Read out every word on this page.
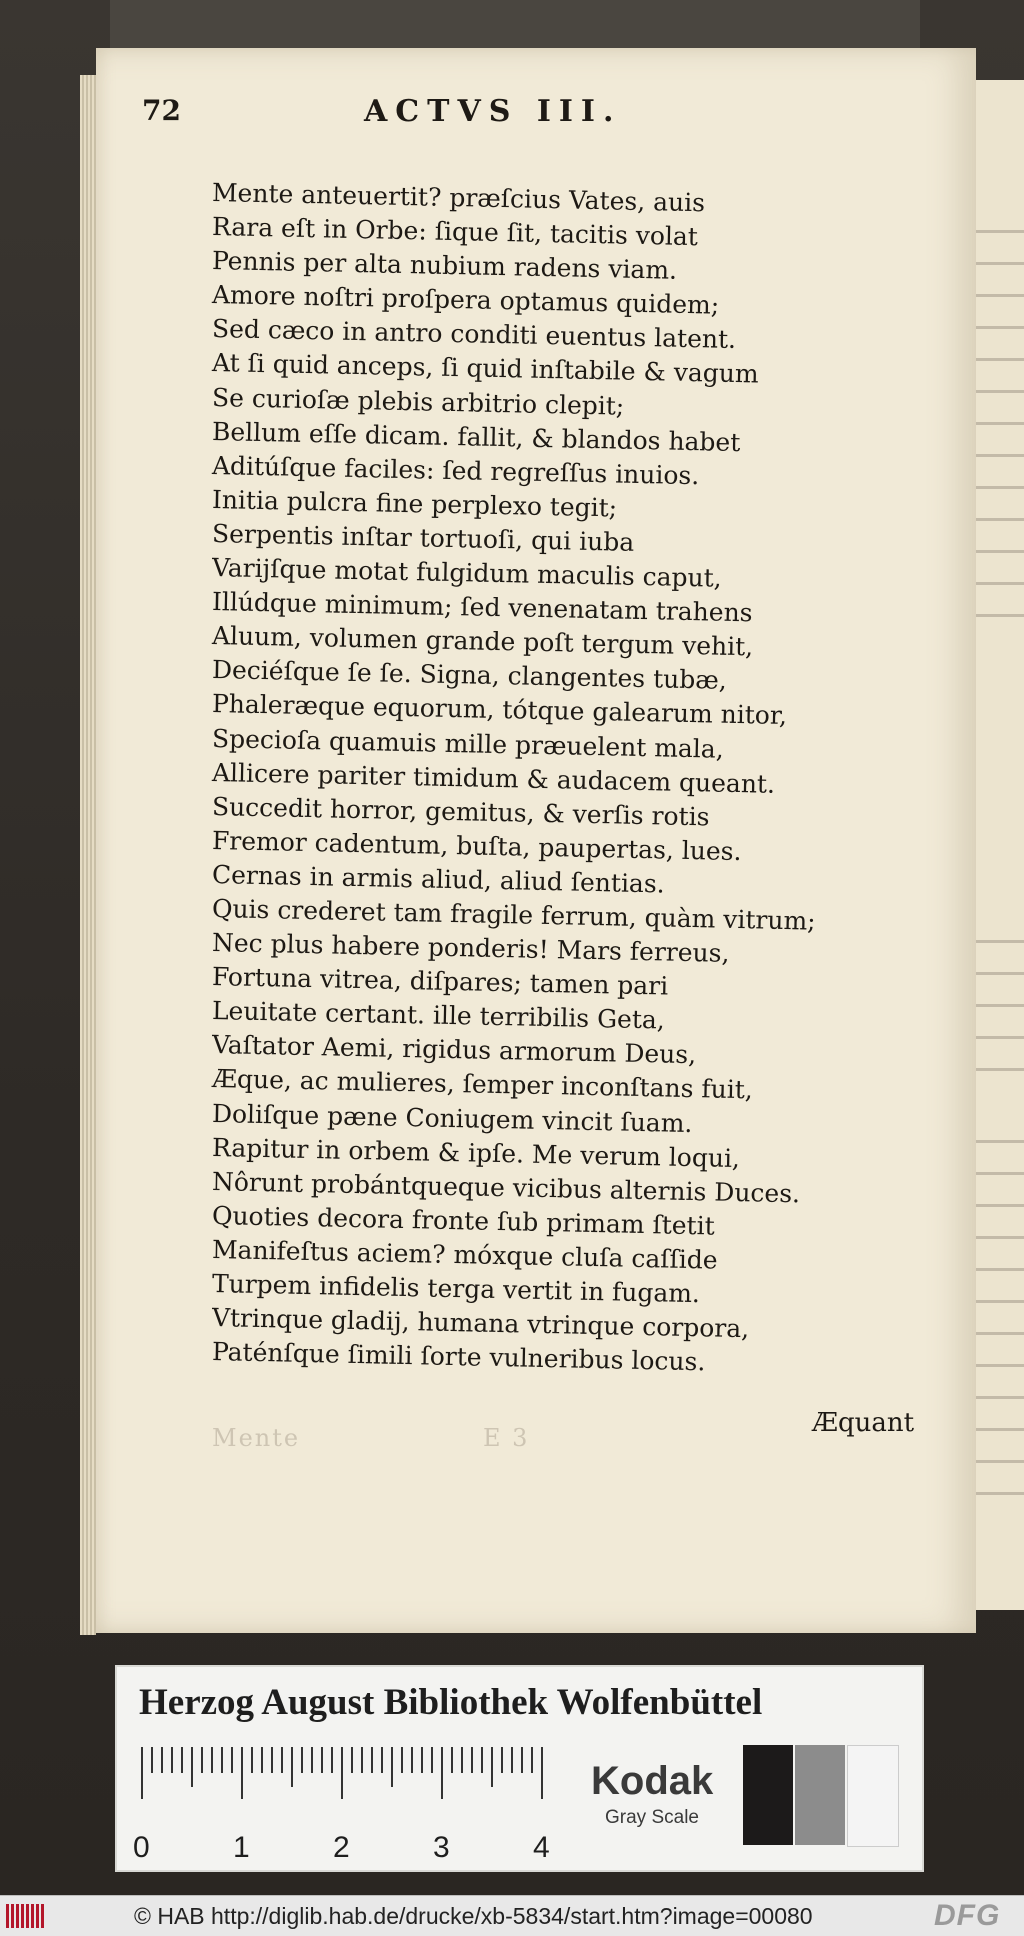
72	ACTVS III.
Mente anteuertit? præſcius Vates, auis
Rara eſt in Orbe: ſique ſit, tacitis volat
Pennis per alta nubium radens viam.
Amore noſtri proſpera optamus quidem;
Sed cæco in antro conditi euentus latent.
At ſi quid anceps, ſi quid inſtabile & vagum
Se curioſæ plebis arbitrio clepit;
Bellum eſſe dicam. fallit, & blandos habet
Aditúſque faciles: ſed regreſſus inuios.
Initia pulcra fine perplexo tegit;
Serpentis inſtar tortuoſi, qui iuba
Varijſque motat fulgidum maculis caput,
Illúdque minimum; ſed venenatam trahens
Aluum, volumen grande poſt tergum vehit,
Deciéſque ſe ſe. Signa, clangentes tubæ,
Phaleræque equorum, tótque galearum nitor,
Specioſa quamuis mille præuelent mala,
Allicere pariter timidum & audacem queant.
Succedit horror, gemitus, & verſis rotis
Fremor cadentum, buſta, paupertas, lues.
Cernas in armis aliud, aliud ſentias.
Quis crederet tam fragile ferrum, quàm vitrum;
Nec plus habere ponderis! Mars ferreus,
Fortuna vitrea, diſpares; tamen pari
Leuitate certant. ille terribilis Geta,
Vaſtator Aemi, rigidus armorum Deus,
Æque, ac mulieres, ſemper inconſtans fuit,
Doliſque pæne Coniugem vincit ſuam.
Rapitur in orbem & ipſe. Me verum loqui,
Nôrunt probántqueque vicibus alternis Duces.
Quoties decora fronte ſub primam ſtetit
Manifeſtus aciem? móxque cluſa caſſide
Turpem infidelis terga vertit in fugam.
Vtrinque gladij, humana vtrinque corpora,
Paténſque ſimili ſorte vulneribus locus.
Mente                   E 3	Æquant
Herzog August Bibliothek Wolfenbüttel
0	1	2	3	4
Kodak
Gray Scale
© HAB http://diglib.hab.de/drucke/xb-5834/start.htm?image=00080	DFG
